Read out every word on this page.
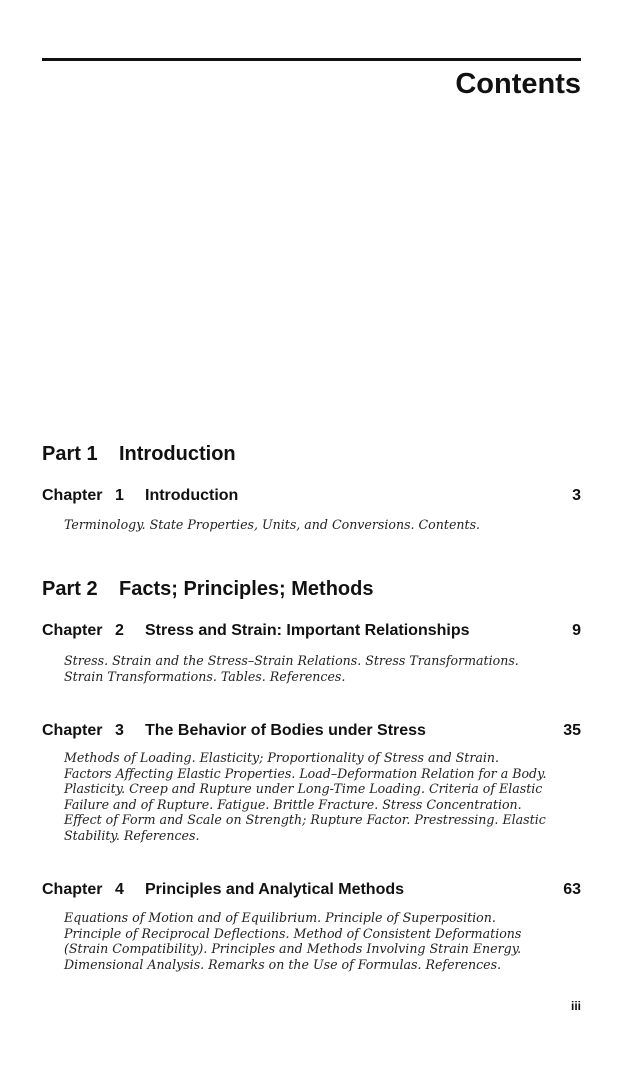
Contents
Part 1 Introduction
Chapter 1 Introduction	3
Terminology. State Properties, Units, and Conversions. Contents.
Part 2 Facts; Principles; Methods
Chapter 2 Stress and Strain: Important Relationships	9
Stress. Strain and the Stress–Strain Relations. Stress Transformations.
Strain Transformations. Tables. References.
Chapter 3 The Behavior of Bodies under Stress	35
Methods of Loading. Elasticity; Proportionality of Stress and Strain.
Factors Affecting Elastic Properties. Load–Deformation Relation for a Body.
Plasticity. Creep and Rupture under Long-Time Loading. Criteria of Elastic
Failure and of Rupture. Fatigue. Brittle Fracture. Stress Concentration.
Effect of Form and Scale on Strength; Rupture Factor. Prestressing. Elastic
Stability. References.
Chapter 4 Principles and Analytical Methods	63
Equations of Motion and of Equilibrium. Principle of Superposition.
Principle of Reciprocal Deflections. Method of Consistent Deformations
(Strain Compatibility). Principles and Methods Involving Strain Energy.
Dimensional Analysis. Remarks on the Use of Formulas. References.
iii
